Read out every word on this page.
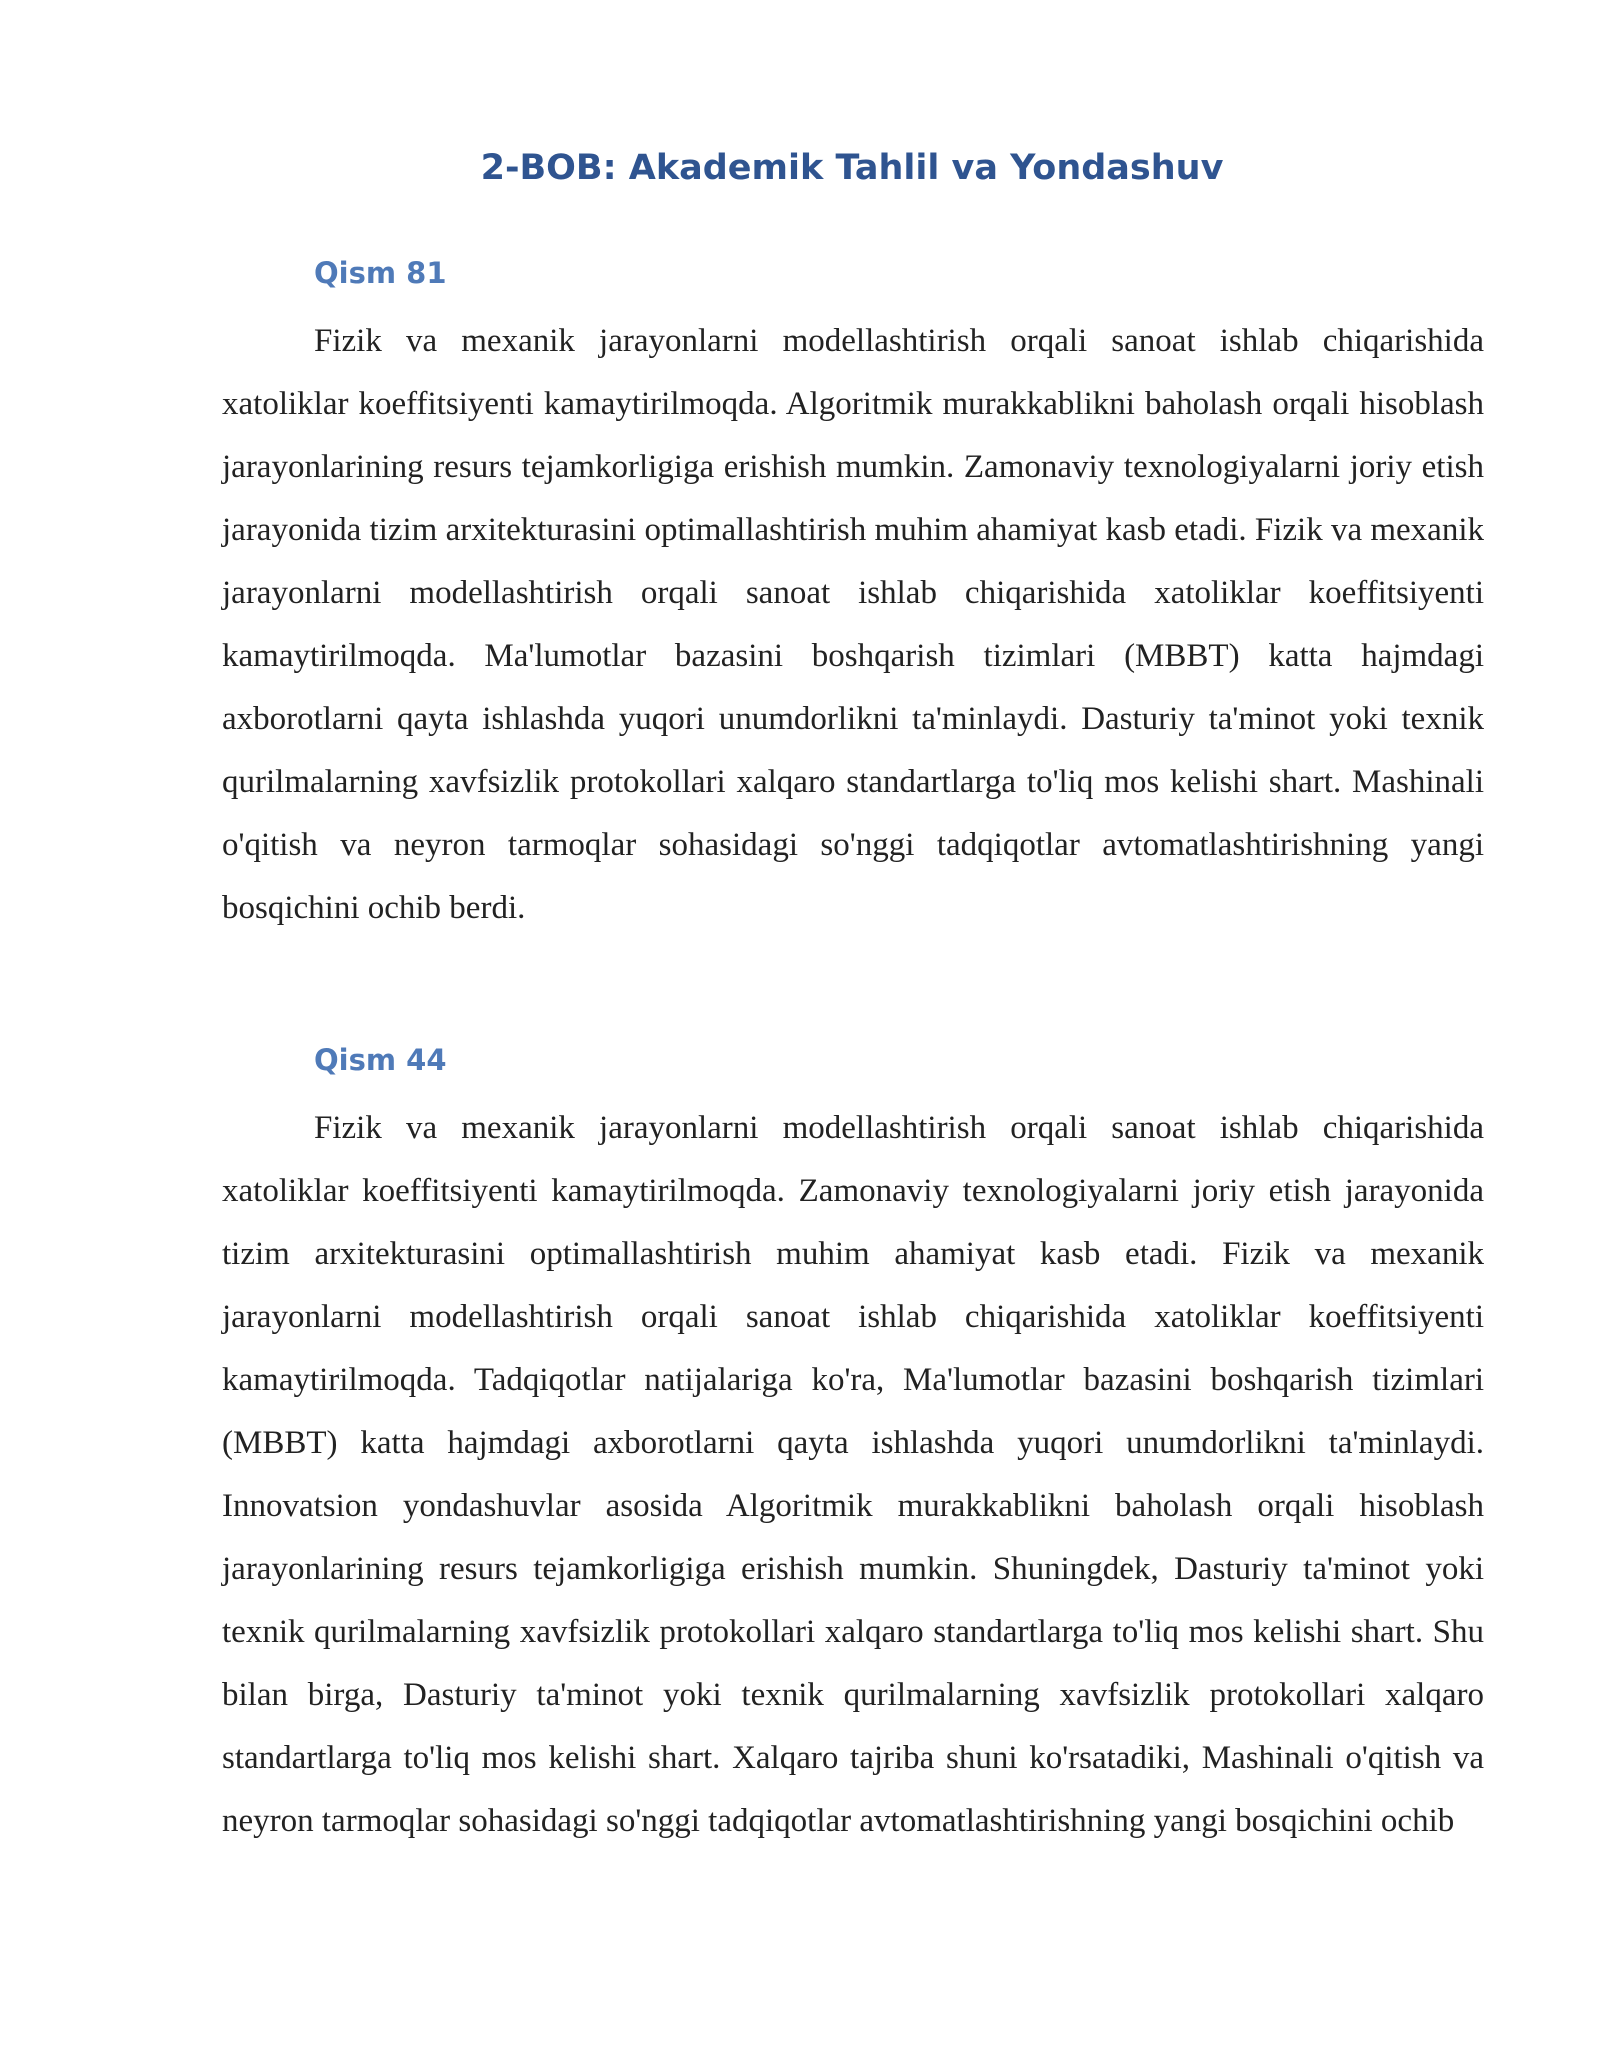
2-BOB: Akademik Tahlil va Yondashuv
Qism 81

Fizik va mexanik jarayonlarni modellashtirish orqali sanoat ishlab chiqarishida xatoliklar koeffitsiyenti kamaytirilmoqda. Algoritmik murakkablikni baholash orqali hisoblash jarayonlarining resurs tejamkorligiga erishish mumkin. Zamonaviy texnologiyalarni joriy etish jarayonida tizim arxitekturasini optimallashtirish muhim ahamiyat kasb etadi. Fizik va mexanik jarayonlarni modellashtirish orqali sanoat ishlab chiqarishida xatoliklar koeffitsiyenti kamaytirilmoqda. Ma'lumotlar bazasini boshqarish tizimlari (MBBT) katta hajmdagi axborotlarni qayta ishlashda yuqori unumdorlikni ta'minlaydi. Dasturiy ta'minot yoki texnik qurilmalarning xavfsizlik protokollari xalqaro standartlarga to'liq mos kelishi shart. Mashinali o'qitish va neyron tarmoqlar sohasidagi so'nggi tadqiqotlar avtomatlashtirishning yangi bosqichini ochib berdi.

Qism 44

Fizik va mexanik jarayonlarni modellashtirish orqali sanoat ishlab chiqarishida xatoliklar koeffitsiyenti kamaytirilmoqda. Zamonaviy texnologiyalarni joriy etish jarayonida tizim arxitekturasini optimallashtirish muhim ahamiyat kasb etadi. Fizik va mexanik jarayonlarni modellashtirish orqali sanoat ishlab chiqarishida xatoliklar koeffitsiyenti kamaytirilmoqda. Tadqiqotlar natijalariga ko'ra, Ma'lumotlar bazasini boshqarish tizimlari (MBBT) katta hajmdagi axborotlarni qayta ishlashda yuqori unumdorlikni ta'minlaydi. Innovatsion yondashuvlar asosida Algoritmik murakkablikni baholash orqali hisoblash jarayonlarining resurs tejamkorligiga erishish mumkin. Shuningdek, Dasturiy ta'minot yoki texnik qurilmalarning xavfsizlik protokollari xalqaro standartlarga to'liq mos kelishi shart. Shu bilan birga, Dasturiy ta'minot yoki texnik qurilmalarning xavfsizlik protokollari xalqaro standartlarga to'liq mos kelishi shart. Xalqaro tajriba shuni ko'rsatadiki, Mashinali o'qitish va neyron tarmoqlar sohasidagi so'nggi tadqiqotlar avtomatlashtirishning yangi bosqichini ochib
